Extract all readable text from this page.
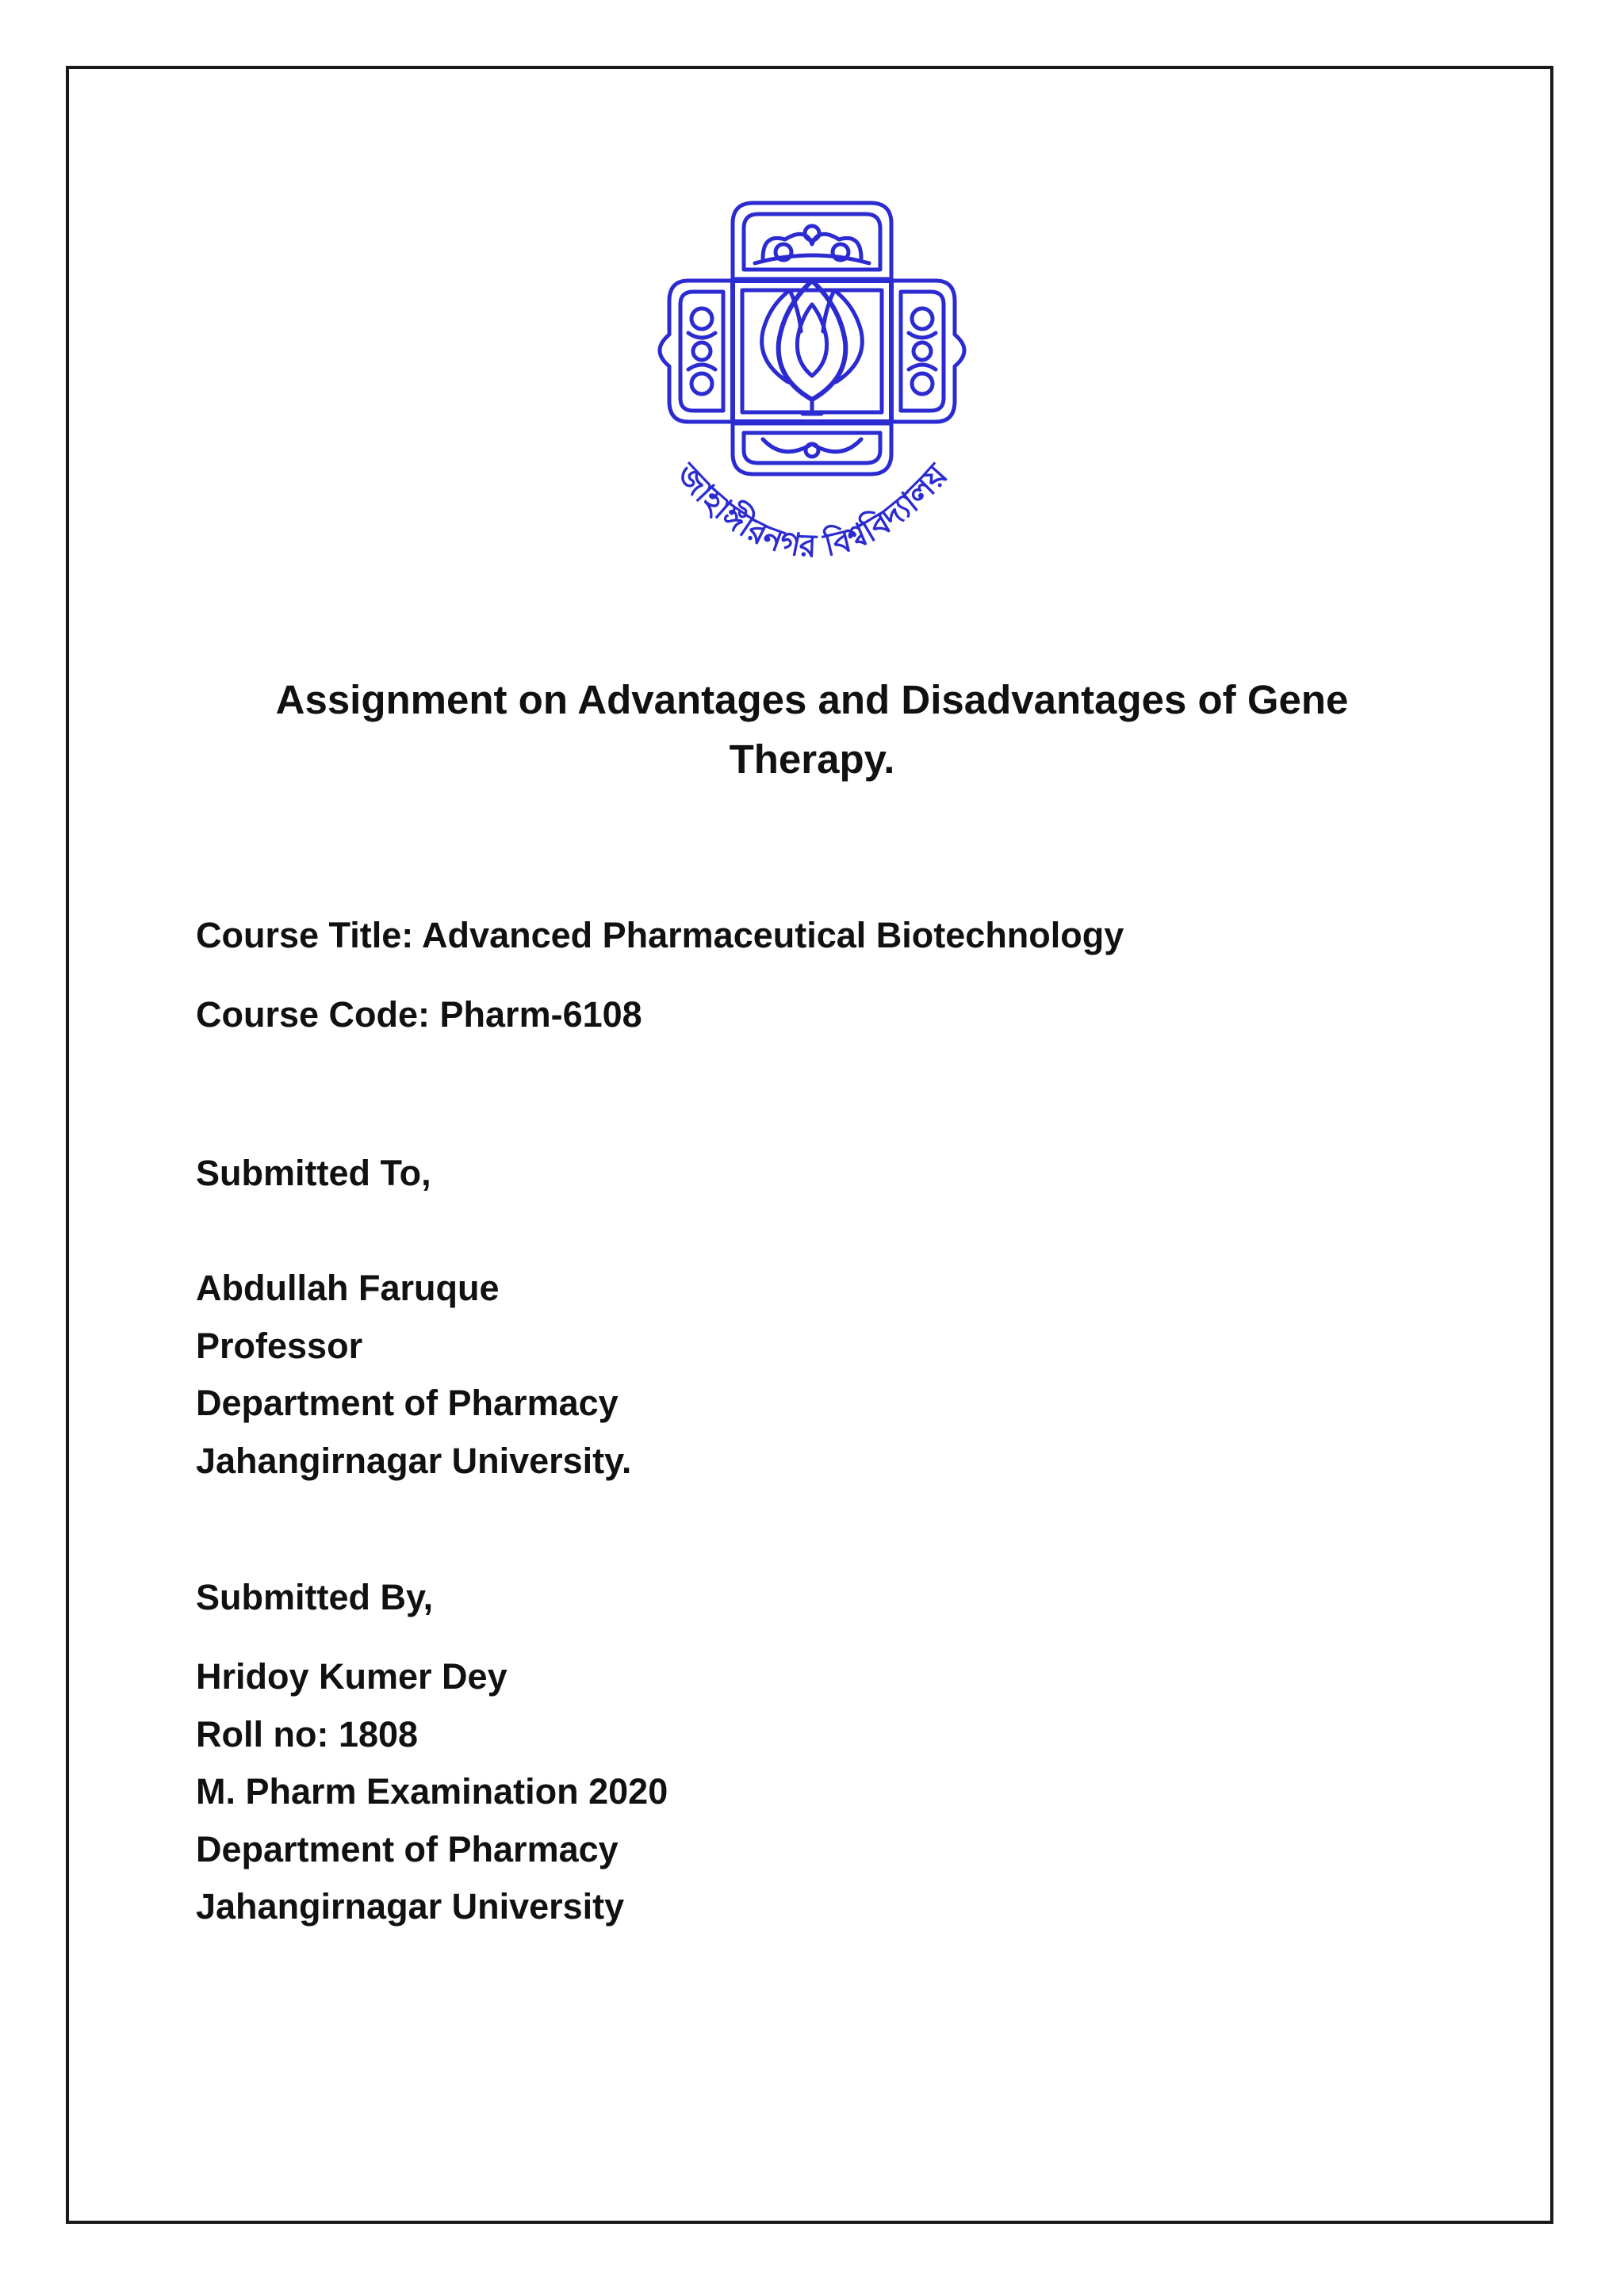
জাহাঙ্গীরনগর বিশ্ববিদ্যালয়
Assignment on Advantages and Disadvantages of Gene
Therapy.

Course Title: Advanced Pharmaceutical Biotechnology

Course Code: Pharm-6108

Submitted To,

Abdullah Faruque

Professor

Department of Pharmacy

Jahangirnagar University.

Submitted By,

Hridoy Kumer Dey

Roll no: 1808

M. Pharm Examination 2020

Department of Pharmacy

Jahangirnagar University
